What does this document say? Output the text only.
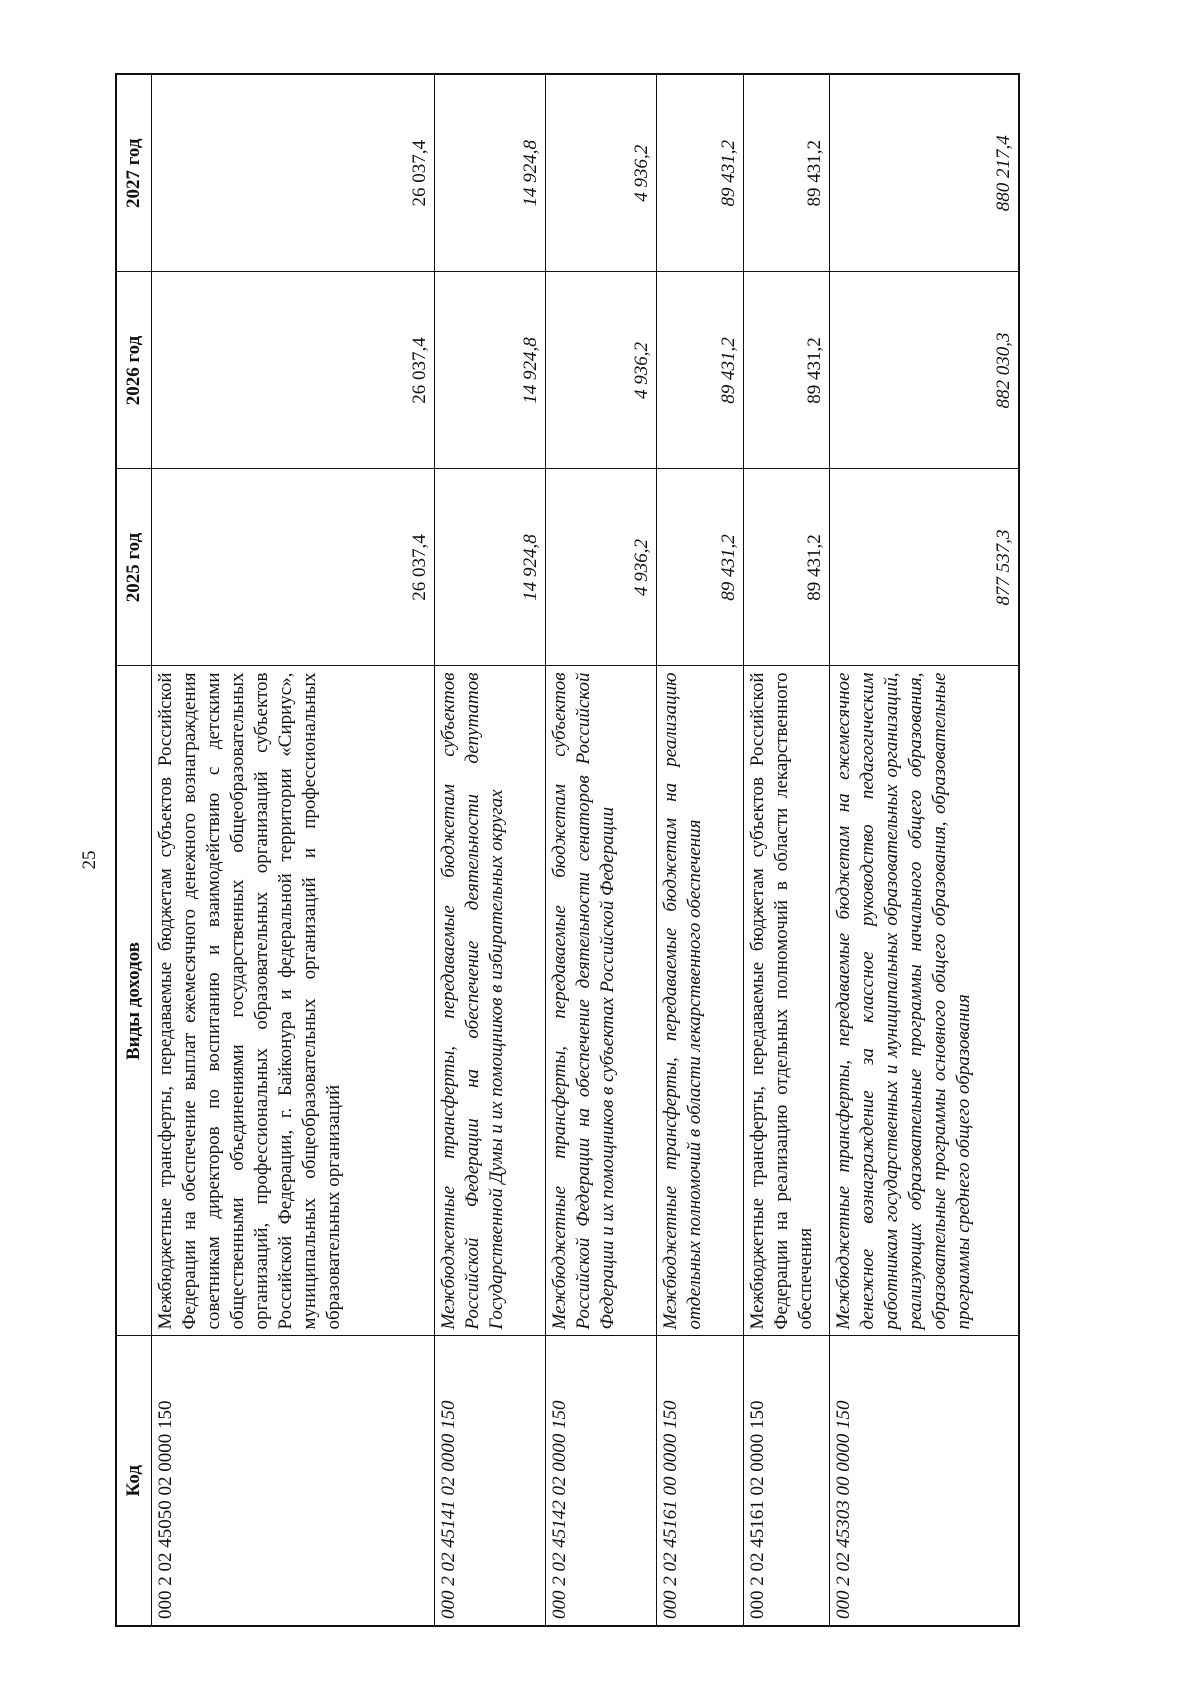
25
Код	Виды доходов	2025 год	2026 год	2027 год
000 2 02 45050 02 0000 150	Межбюджетные трансферты, передаваемые бюджетам субъектов Российской Федерации на обеспечение выплат ежемесячного денежного вознаграждения советникам директоров по воспитанию и взаимодействию с детскими общественными объединениями государственных общеобразовательных организаций, профессиональных образовательных организаций субъектов Российской Федерации, г. Байконура и федеральной территории «Сириус», муниципальных общеобразовательных организаций и профессиональных образовательных организаций	26 037,4	26 037,4	26 037,4
000 2 02 45141 02 0000 150	Межбюджетные трансферты, передаваемые бюджетам субъектов Российской Федерации на обеспечение деятельности депутатов Государственной Думы и их помощников в избирательных округах	14 924,8	14 924,8	14 924,8
000 2 02 45142 02 0000 150	Межбюджетные трансферты, передаваемые бюджетам субъектов Российской Федерации на обеспечение деятельности сенаторов Российской Федерации и их помощников в субъектах Российской Федерации	4 936,2	4 936,2	4 936,2
000 2 02 45161 00 0000 150	Межбюджетные трансферты, передаваемые бюджетам на реализацию отдельных полномочий в области лекарственного обеспечения	89 431,2	89 431,2	89 431,2
000 2 02 45161 02 0000 150	Межбюджетные трансферты, передаваемые бюджетам субъектов Российской Федерации на реализацию отдельных полномочий в области лекарственного обеспечения	89 431,2	89 431,2	89 431,2
000 2 02 45303 00 0000 150	Межбюджетные трансферты, передаваемые бюджетам на ежемесячное денежное вознаграждение за классное руководство педагогическим работникам государственных и муниципальных образовательных организаций, реализующих образовательные программы начального общего образования, образовательные программы основного общего образования, образовательные программы среднего общего образования	877 537,3	882 030,3	880 217,4
